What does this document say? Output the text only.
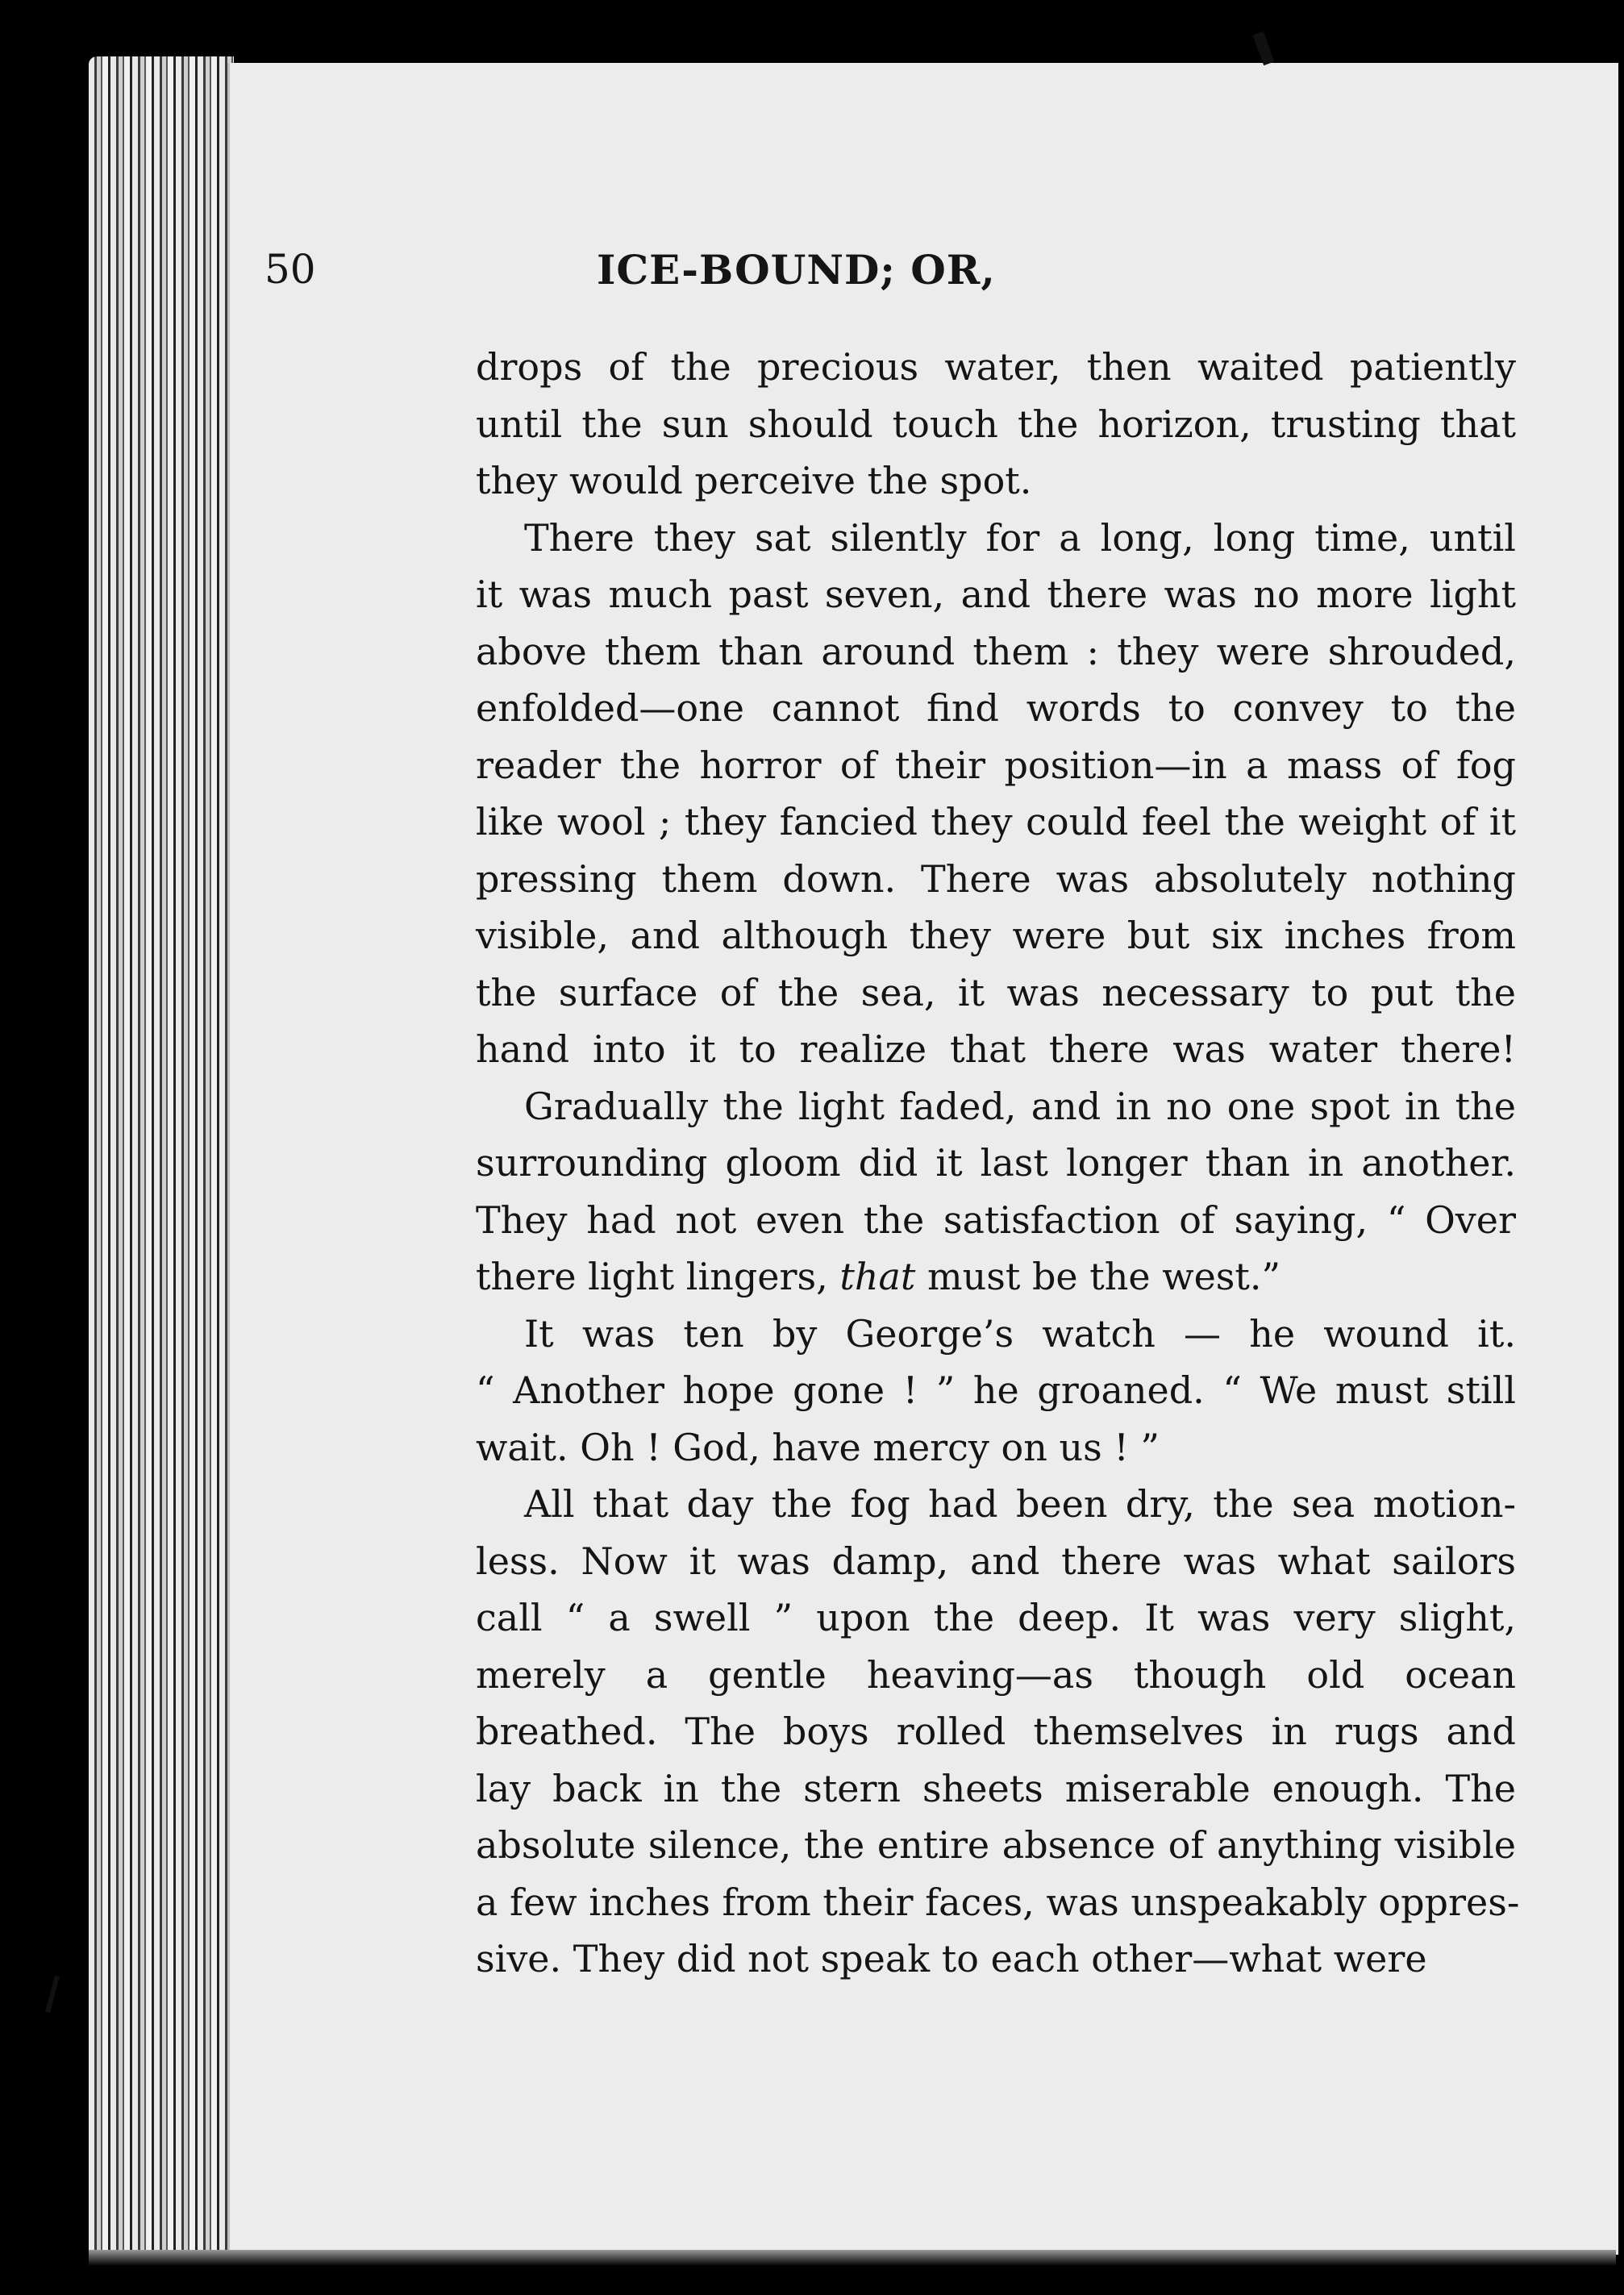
50	ICE-BOUND; OR,

drops of the precious water, then waited patiently
until the sun should touch the horizon, trusting that
they would perceive the spot.

There they sat silently for a long, long time, until
it was much past seven, and there was no more light
above them than around them : they were shrouded,
enfolded—one cannot find words to convey to the
reader the horror of their position—in a mass of fog
like wool ; they fancied they could feel the weight of it
pressing them down. There was absolutely nothing
visible, and although they were but six inches from
the surface of the sea, it was necessary to put the
hand into it to realize that there was water there!

Gradually the light faded, and in no one spot in the
surrounding gloom did it last longer than in another.
They had not even the satisfaction of saying, “ Over
there light lingers, that must be the west.”

It was ten by George’s watch — he wound it.
“ Another hope gone ! ” he groaned. “ We must still
wait. Oh ! God, have mercy on us ! ”

All that day the fog had been dry, the sea motion-
less. Now it was damp, and there was what sailors
call “ a swell ” upon the deep. It was very slight,
merely a gentle heaving—as though old ocean
breathed. The boys rolled themselves in rugs and
lay back in the stern sheets miserable enough. The
absolute silence, the entire absence of anything visible
a few inches from their faces, was unspeakably oppres-
sive. They did not speak to each other—what were
